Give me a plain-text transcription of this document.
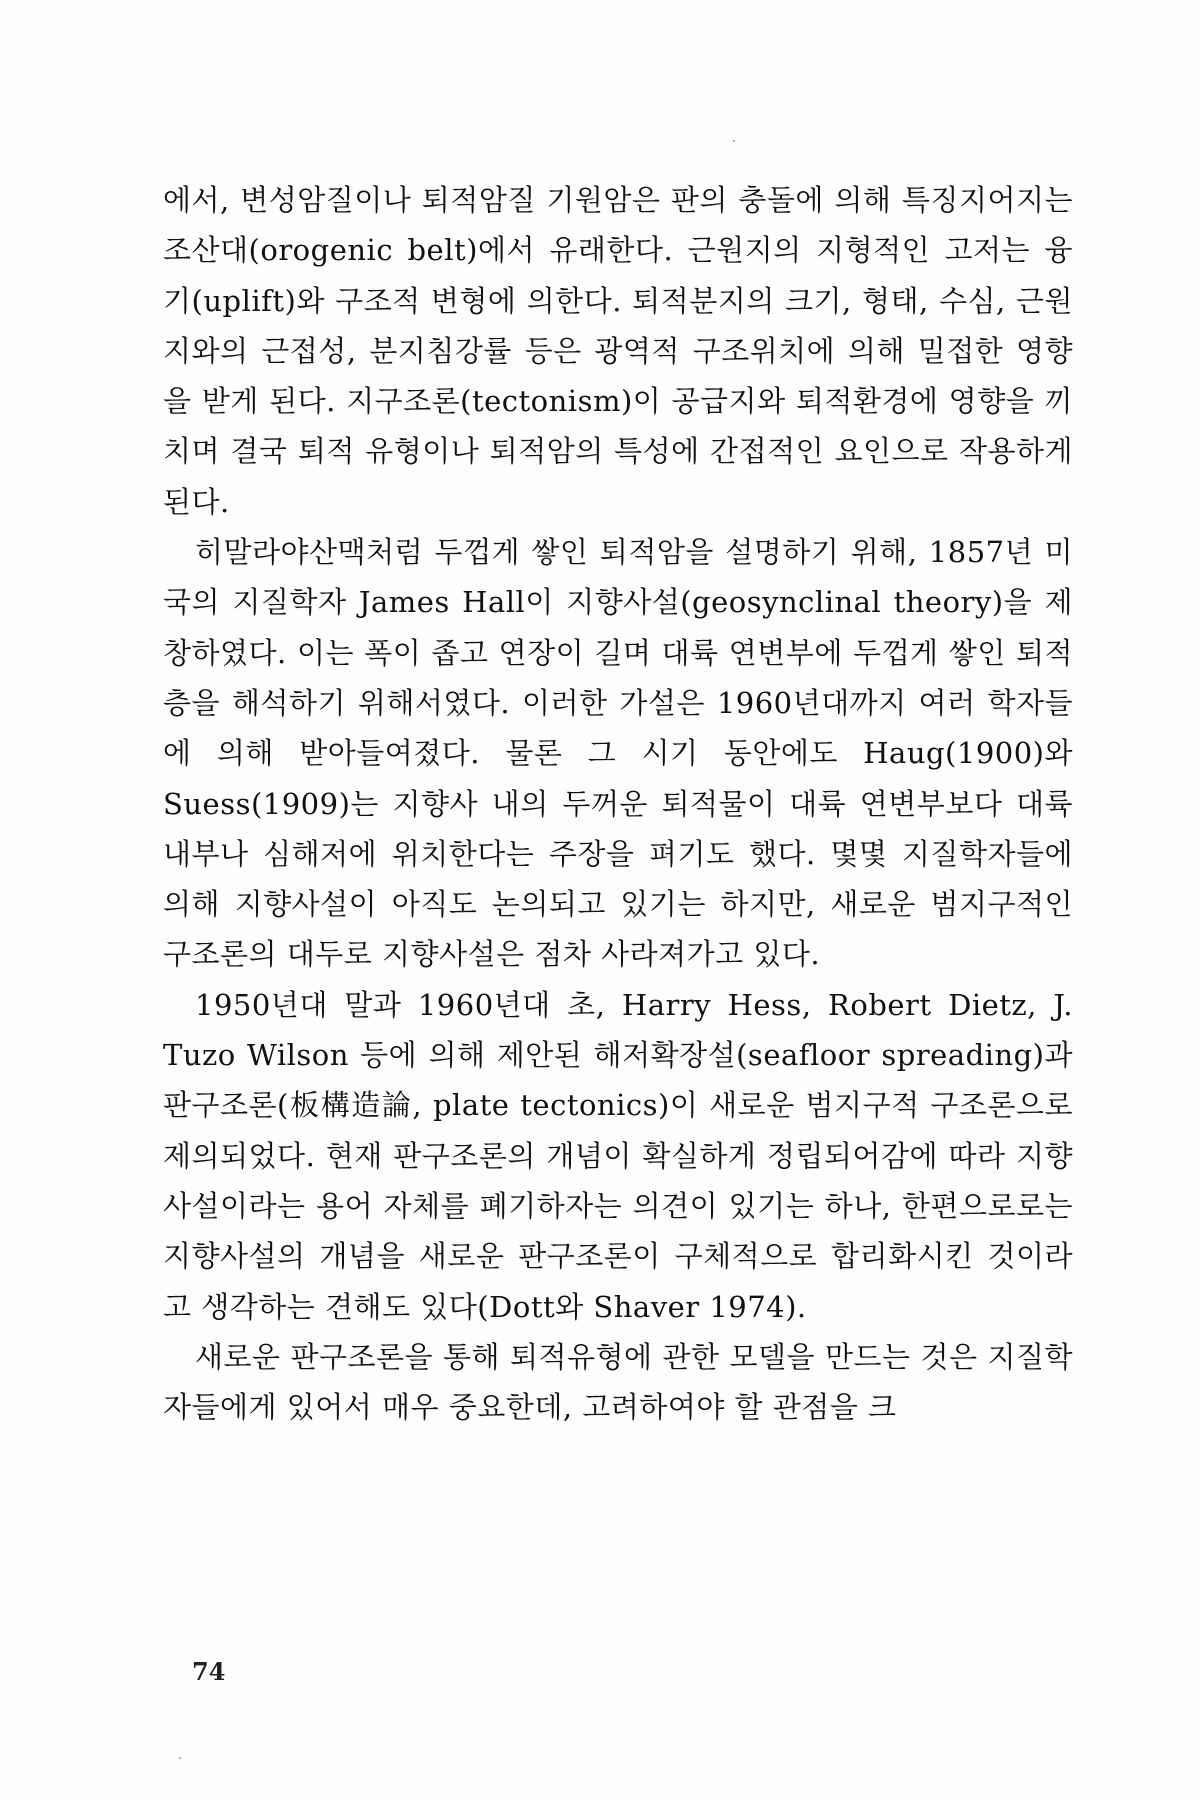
에서, 변성암질이나 퇴적암질 기원암은 판의 충돌에 의해 특징지어지는 조산대(orogenic belt)에서 유래한다. 근원지의 지형적인 고저는 융기(uplift)와 구조적 변형에 의한다. 퇴적분지의 크기, 형태, 수심, 근원지와의 근접성, 분지침강률 등은 광역적 구조위치에 의해 밀접한 영향을 받게 된다. 지구조론(tectonism)이 공급지와 퇴적환경에 영향을 끼치며 결국 퇴적 유형이나 퇴적암의 특성에 간접적인 요인으로 작용하게 된다.

히말라야산맥처럼 두껍게 쌓인 퇴적암을 설명하기 위해, 1857년 미국의 지질학자 James Hall이 지향사설(geosynclinal theory)을 제창하였다. 이는 폭이 좁고 연장이 길며 대륙 연변부에 두껍게 쌓인 퇴적층을 해석하기 위해서였다. 이러한 가설은 1960년대까지 여러 학자들에 의해 받아들여졌다. 물론 그 시기 동안에도 Haug(1900)와 Suess(1909)는 지향사 내의 두꺼운 퇴적물이 대륙 연변부보다 대륙 내부나 심해저에 위치한다는 주장을 펴기도 했다. 몇몇 지질학자들에 의해 지향사설이 아직도 논의되고 있기는 하지만, 새로운 범지구적인 구조론의 대두로 지향사설은 점차 사라져가고 있다.

1950년대 말과 1960년대 초, Harry Hess, Robert Dietz, J. Tuzo Wilson 등에 의해 제안된 해저확장설(seafloor spreading)과 판구조론(板構造論, plate tectonics)이 새로운 범지구적 구조론으로 제의되었다. 현재 판구조론의 개념이 확실하게 정립되어감에 따라 지향사설이라는 용어 자체를 폐기하자는 의견이 있기는 하나, 한편으로로는 지향사설의 개념을 새로운 판구조론이 구체적으로 합리화시킨 것이라고 생각하는 견해도 있다(Dott와 Shaver 1974).

새로운 판구조론을 통해 퇴적유형에 관한 모델을 만드는 것은 지질학자들에게 있어서 매우 중요한데, 고려하여야 할 관점을 크

74
